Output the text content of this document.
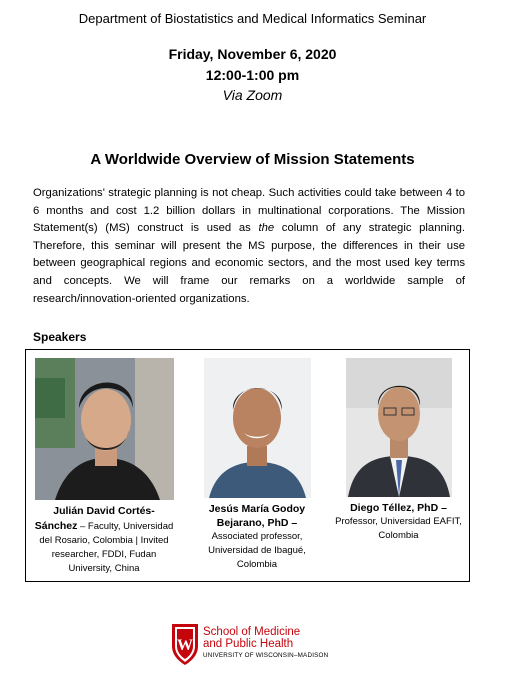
Department of Biostatistics and Medical Informatics Seminar
Friday, November 6, 2020
12:00-1:00 pm
Via Zoom
A Worldwide Overview of Mission Statements
Organizations' strategic planning is not cheap. Such activities could take between 4 to 6 months and cost 1.2 billion dollars in multinational corporations. The Mission Statement(s) (MS) construct is used as the column of any strategic planning. Therefore, this seminar will present the MS purpose, the differences in their use between geographical regions and economic sectors, and the most used key terms and concepts. We will frame our remarks on a worldwide sample of research/innovation-oriented organizations.
Speakers
Julián David Cortés-Sánchez – Faculty, Universidad del Rosario, Colombia | Invited researcher, FDDI, Fudan University, China
Jesús María Godoy Bejarano, PhD –
Associated professor, Universidad de Ibagué, Colombia
Diego Téllez, PhD –
Professor, Universidad EAFIT, Colombia
W
School of Medicine
and Public Health
UNIVERSITY OF WISCONSIN–MADISON
